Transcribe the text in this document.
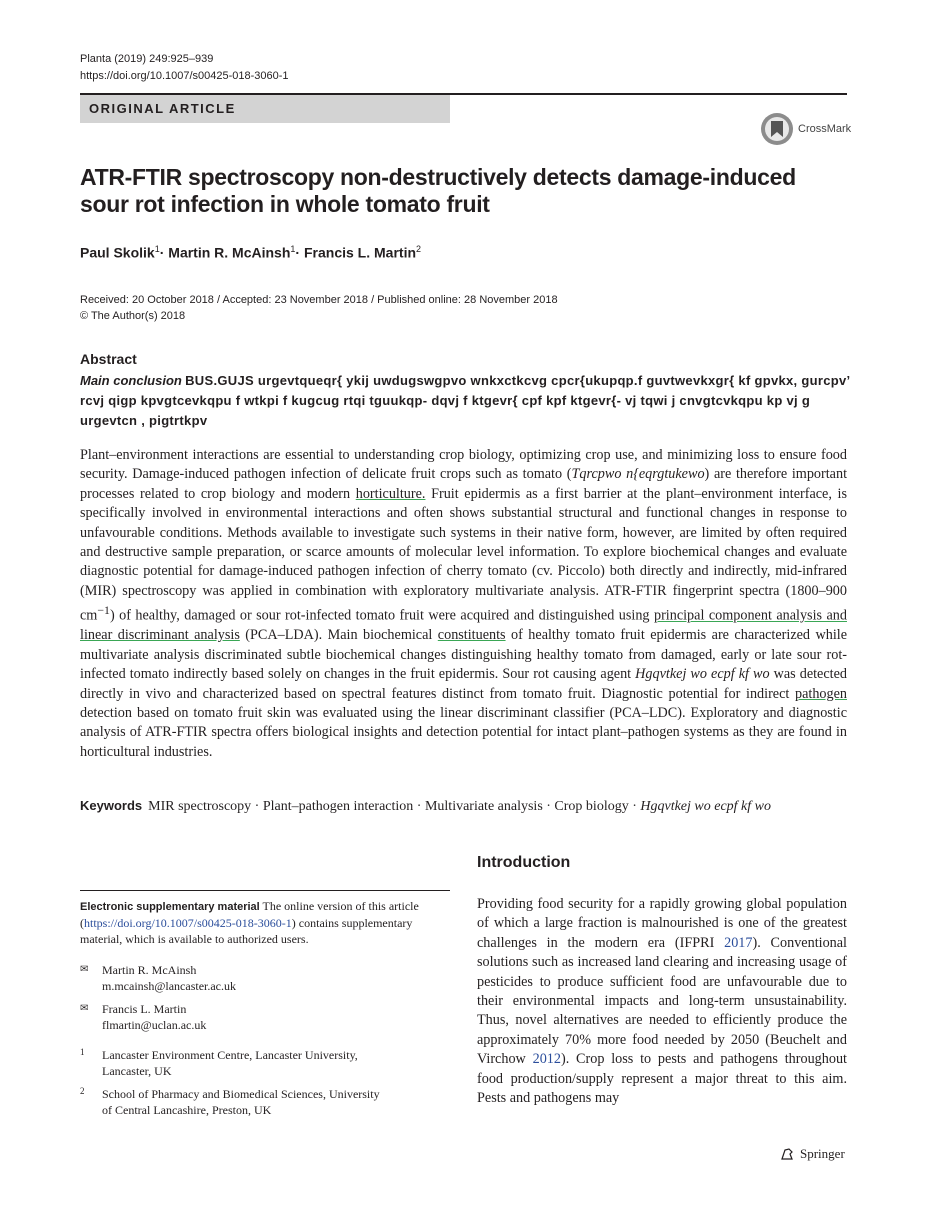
Planta (2019) 249:925–939
https://doi.org/10.1007/s00425-018-3060-1
ORIGINAL ARTICLE
CrossMark
ATR-FTIR spectroscopy non-destructively detects damage-induced sour rot infection in whole tomato fruit
Paul Skolik$^1$· Martin R. McAinsh$^1$· Francis L. Martin$^2$
Received: 20 October 2018 / Accepted: 23 November 2018 / Published online: 28 November 2018
© The Author(s) 2018
Abstract
Main conclusion BUS.GUJS urgevtqueqr{ ykij uwdugswgpvo wnkxctkcvg cpcr{ukupqp.f guvtwevkxgr{ kf gpvkx, gurcpv’ rcvj qigp kpvgtcevkqpu f wtkpi f kugcug rtqi tguukqp- dqvj f ktgevr{ cpf kpf ktgevr{- vj tqwi j cnvgtcvkqpu kp vj g urgevtcn , pigtrtkpv

Plant–environment interactions are essential to understanding crop biology, optimizing crop use, and minimizing loss to ensure food security. Damage-induced pathogen infection of delicate fruit crops such as tomato (Tqrcpwo n{eqrgtukewo) are therefore important processes related to crop biology and modern horticulture. Fruit epidermis as a first barrier at the plant–environment interface, is specifically involved in environmental interactions and often shows substantial structural and functional changes in response to unfavourable conditions. Methods available to investigate such systems in their native form, however, are limited by often required and destructive sample preparation, or scarce amounts of molecular level information. To explore biochemical changes and evaluate diagnostic potential for damage-induced pathogen infection of cherry tomato (cv. Piccolo) both directly and indirectly, mid-infrared (MIR) spectroscopy was applied in combination with exploratory multivariate analysis. ATR-FTIR fingerprint spectra (1800–900 $cm^{-1}$) of healthy, damaged or sour rot-infected tomato fruit were acquired and distinguished using principal component analysis and linear discriminant analysis (PCA–LDA). Main biochemical constituents of healthy tomato fruit epidermis are characterized while multivariate analysis discriminated subtle biochemical changes distinguishing healthy tomato from damaged, early or late sour rot-infected tomato indirectly based solely on changes in the fruit epidermis. Sour rot causing agent Hgqvtkej wo ecpf kf wo was detected directly in vivo and characterized based on spectral features distinct from tomato fruit. Diagnostic potential for indirect pathogen detection based on tomato fruit skin was evaluated using the linear discriminant classifier (PCA–LDC). Exploratory and diagnostic analysis of ATR-FTIR spectra offers biological insights and detection potential for intact plant–pathogen systems as they are found in horticultural industries.

Keywords MIR spectroscopy · Plant–pathogen interaction · Multivariate analysis · Crop biology · Hgqvtkej wo ecpf kf wo
Introduction

Providing food security for a rapidly growing global population of which a large fraction is malnourished is one of the greatest challenges in the modern era (IFPRI 2017). Conventional solutions such as increased land clearing and increasing usage of pesticides to produce sufficient food are unfavourable due to their environmental impacts and long-term unsustainability. Thus, novel alternatives are needed to efficiently produce the approximately 70% more food needed by 2050 (Beuchelt and Virchow 2012). Crop loss to pests and pathogens throughout food production/supply represent a major threat to this aim. Pests and pathogens may

Electronic supplementary material The online version of this article (https://doi.org/10.1007/s00425-018-3060-1) contains supplementary material, which is available to authorized users.
✉	Martin R. McAinsh
m.mcainsh@lancaster.ac.uk
✉	Francis L. Martin
flmartin@uclan.ac.uk
1	Lancaster Environment Centre, Lancaster University,
Lancaster, UK
2	School of Pharmacy and Biomedical Sciences, University
of Central Lancashire, Preston, UK
Springer
